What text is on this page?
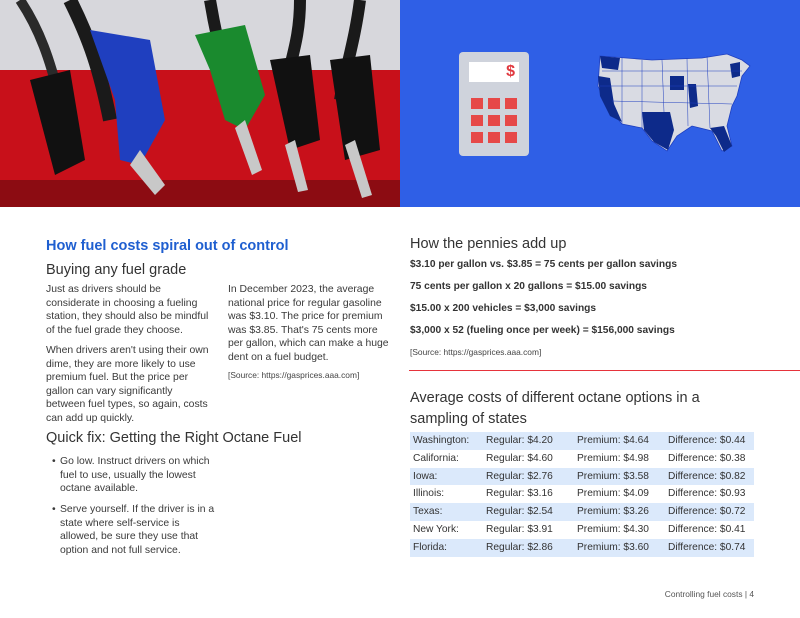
$
How fuel costs spiral out of control
Buying any fuel grade
Just as drivers should be considerate in choosing a fueling station, they should also be mindful of the fuel grade they choose.
When drivers aren't using their own dime, they are more likely to use premium fuel. But the price per gallon can vary significantly between fuel types, so again, costs can add up quickly.
In December 2023, the average national price for regular gasoline was $3.10. The price for premium was $3.85. That's 75 cents more per gallon, which can make a huge dent on a fuel budget.
[Source: https://gasprices.aaa.com]
Quick fix: Getting the Right Octane Fuel
• Go low. Instruct drivers on which fuel to use, usually the lowest octane available.
• Serve yourself. If the driver is in a state where self-service is allowed, be sure they use that option and not full service.
How the pennies add up
$3.10 per gallon vs. $3.85 = 75 cents per gallon savings
75 cents per gallon x 20 gallons = $15.00 savings
$15.00 x 200 vehicles = $3,000 savings
$3,000 x 52 (fueling once per week) = $156,000 savings
[Source: https://gasprices.aaa.com]
Average costs of different octane options in a sampling of states
Washington: Regular: $4.20 Premium: $4.64 Difference: $0.44
California:	Regular: $4.60 Premium: $4.98 Difference: $0.38
Iowa:	Regular: $2.76 Premium: $3.58 Difference: $0.82
Illinois:	Regular: $3.16 Premium: $4.09 Difference: $0.93
Texas:	Regular: $2.54 Premium: $3.26 Difference: $0.72
New York:	Regular: $3.91 Premium: $4.30 Difference: $0.41
Florida:	Regular: $2.86 Premium: $3.60 Difference: $0.74
Controlling fuel costs | 4
